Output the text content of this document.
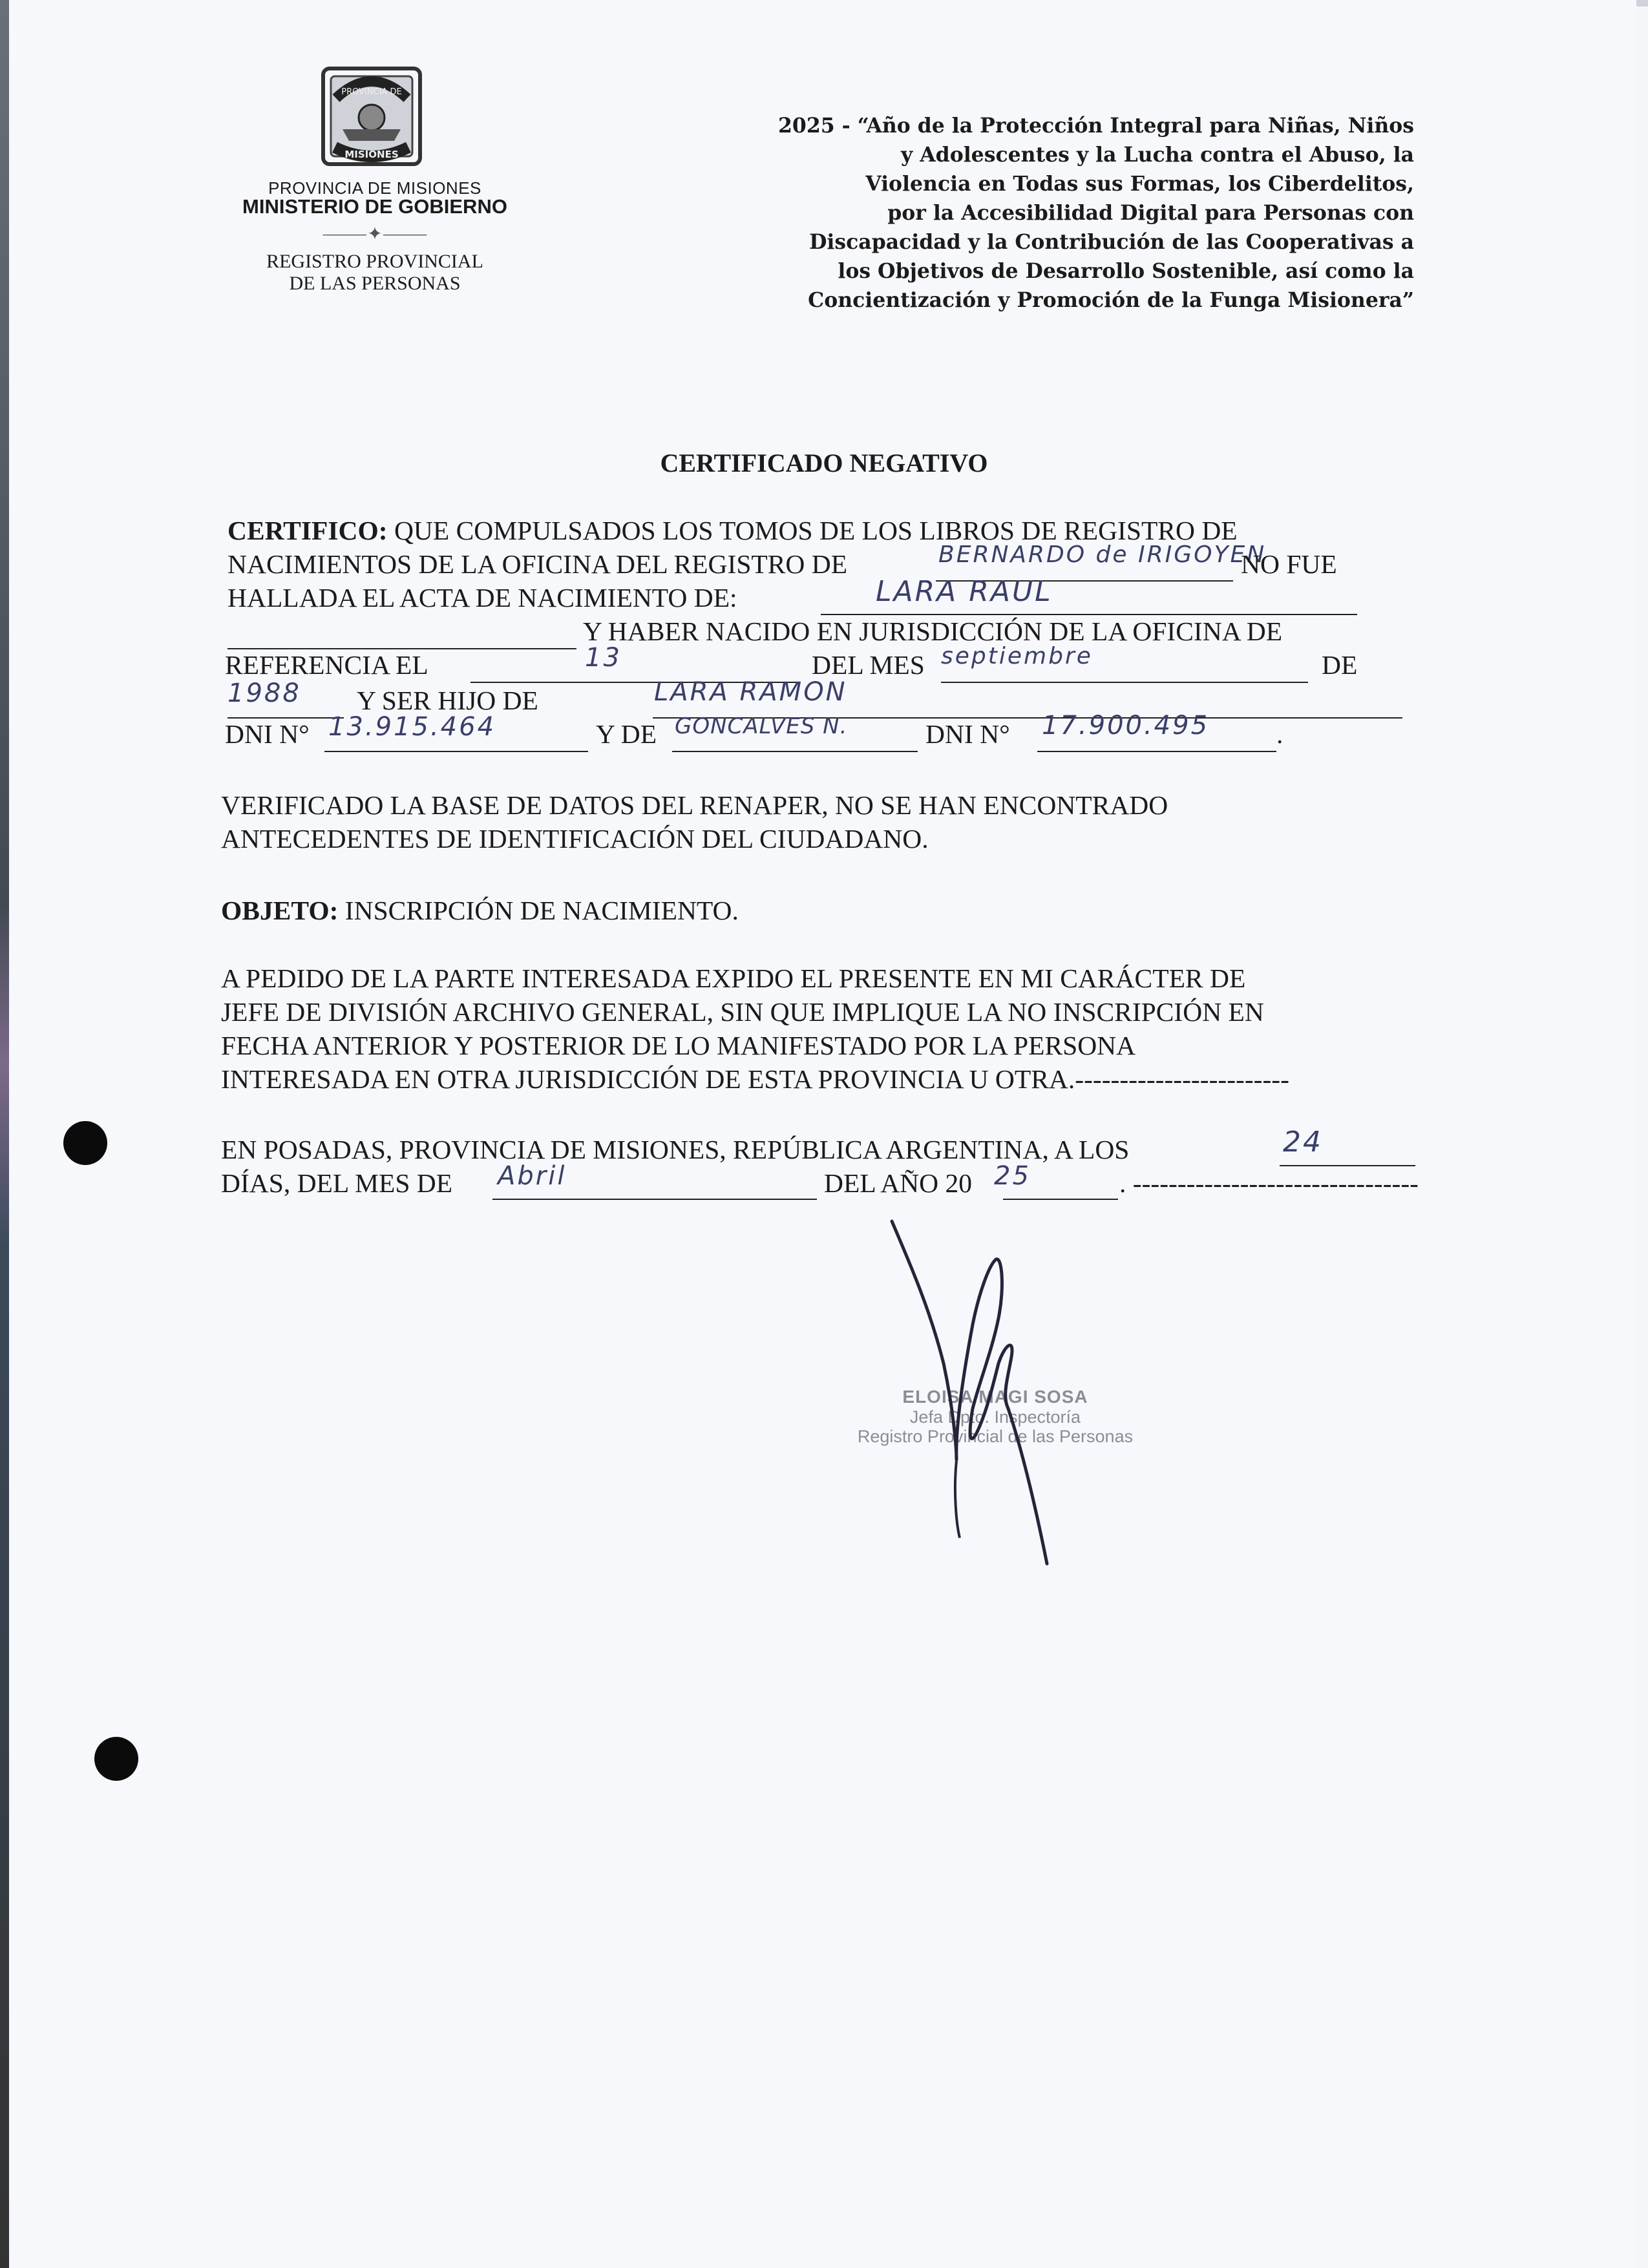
PROVINCIA DE
MISIONES
PROVINCIA DE MISIONES
MINISTERIO DE GOBIERNO
⸻✦⸻
REGISTRO PROVINCIAL
DE LAS PERSONAS
2025 - “Año de la Protección Integral para Niñas, Niños
y Adolescentes y la Lucha contra el Abuso, la
Violencia en Todas sus Formas, los Ciberdelitos,
por la Accesibilidad Digital para Personas con
Discapacidad y la Contribución de las Cooperativas a
los Objetivos de Desarrollo Sostenible, así como la
Concientización y Promoción de la Funga Misionera”
CERTIFICADO NEGATIVO
CERTIFICO: QUE COMPULSADOS LOS TOMOS DE LOS LIBROS DE REGISTRO DE
NACIMIENTOS DE LA OFICINA DEL REGISTRO DE	BERNARDO de IRIGOYEN
NO FUE
HALLADA EL ACTA DE NACIMIENTO DE:	LARA RAUL
Y HABER NACIDO EN JURISDICCIÓN DE LA OFICINA DE
REFERENCIA EL	13	DEL MES septiembre	DE
1988 Y SER HIJO DE	LARA RAMON
DNI N° 13.915.464	Y DE GONCALVES N.	DNI N° 17.900.495	.
VERIFICADO LA BASE DE DATOS DEL RENAPER, NO SE HAN ENCONTRADO
ANTECEDENTES DE IDENTIFICACIÓN DEL CIUDADANO.
OBJETO: INSCRIPCIÓN DE NACIMIENTO.
A PEDIDO DE LA PARTE INTERESADA EXPIDO EL PRESENTE EN MI CARÁCTER DE
JEFE DE DIVISIÓN ARCHIVO GENERAL, SIN QUE IMPLIQUE LA NO INSCRIPCIÓN EN
FECHA ANTERIOR Y POSTERIOR DE LO MANIFESTADO POR LA PERSONA
INTERESADA EN OTRA JURISDICCIÓN DE ESTA PROVINCIA U OTRA.------------------------
EN POSADAS, PROVINCIA DE MISIONES, REPÚBLICA ARGENTINA, A LOS	24
DÍAS, DEL MES DE Abril	DEL AÑO 20 25	. --------------------------------
ELOISA MAGI SOSA
Jefa Dpto. Inspectoría
Registro Provincial de las Personas
